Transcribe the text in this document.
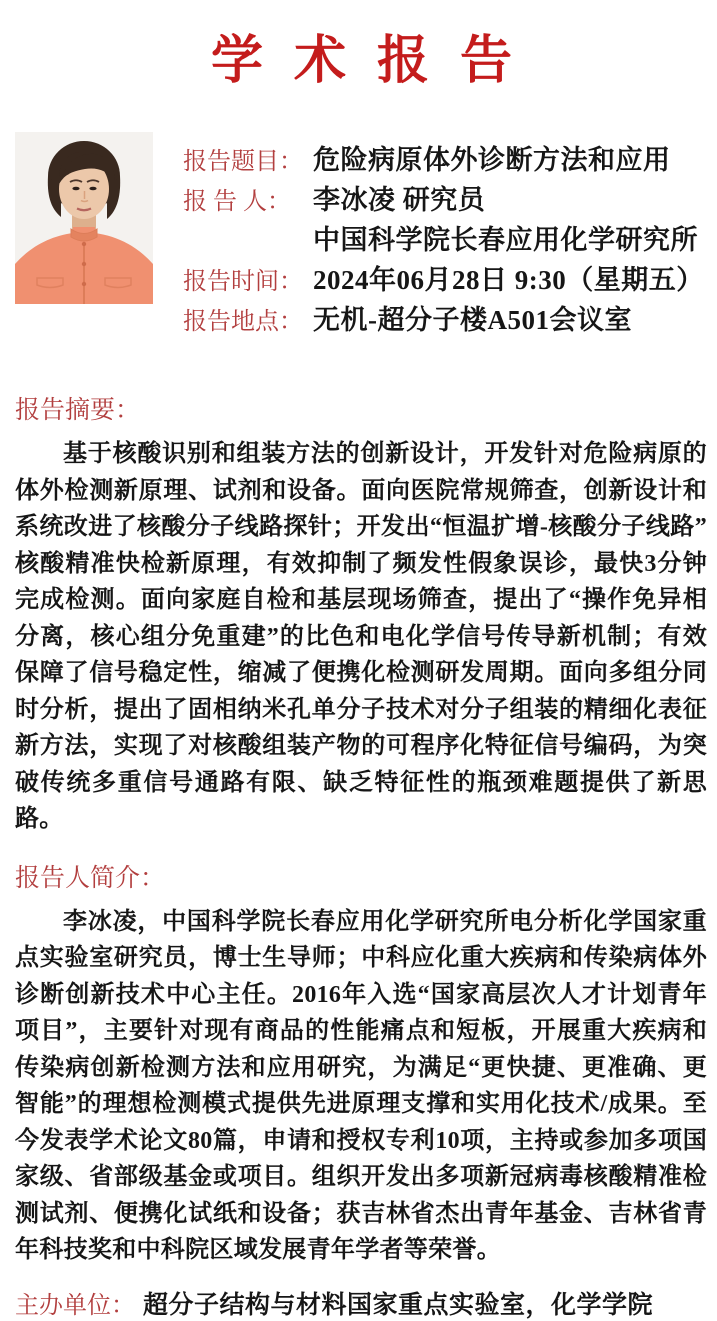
学 术 报 告
报告题目： 危险病原体外诊断方法和应用
报 告 人： 李冰凌 研究员
中国科学院长春应用化学研究所
报告时间： 2024年06月28日 9:30（星期五）
报告地点： 无机-超分子楼A501会议室
报告摘要：

基于核酸识别和组装方法的创新设计，开发针对危险病原的体外检测新原理、试剂和设备。面向医院常规筛查，创新设计和系统改进了核酸分子线路探针；开发出“恒温扩增-核酸分子线路”核酸精准快检新原理，有效抑制了频发性假象误诊，最快3分钟完成检测。面向家庭自检和基层现场筛查，提出了“操作免异相分离，核心组分免重建”的比色和电化学信号传导新机制；有效保障了信号稳定性，缩减了便携化检测研发周期。面向多组分同时分析，提出了固相纳米孔单分子技术对分子组装的精细化表征新方法，实现了对核酸组装产物的可程序化特征信号编码，为突破传统多重信号通路有限、缺乏特征性的瓶颈难题提供了新思路。

报告人简介：

李冰凌，中国科学院长春应用化学研究所电分析化学国家重点实验室研究员，博士生导师；中科应化重大疾病和传染病体外诊断创新技术中心主任。2016年入选“国家高层次人才计划青年项目”，主要针对现有商品的性能痛点和短板，开展重大疾病和传染病创新检测方法和应用研究，为满足“更快捷、更准确、更智能”的理想检测模式提供先进原理支撑和实用化技术/成果。至今发表学术论文80篇，申请和授权专利10项，主持或参加多项国家级、省部级基金或项目。组织开发出多项新冠病毒核酸精准检测试剂、便携化试纸和设备；获吉林省杰出青年基金、吉林省青年科技奖和中科院区域发展青年学者等荣誉。

主办单位： 超分子结构与材料国家重点实验室，化学学院
